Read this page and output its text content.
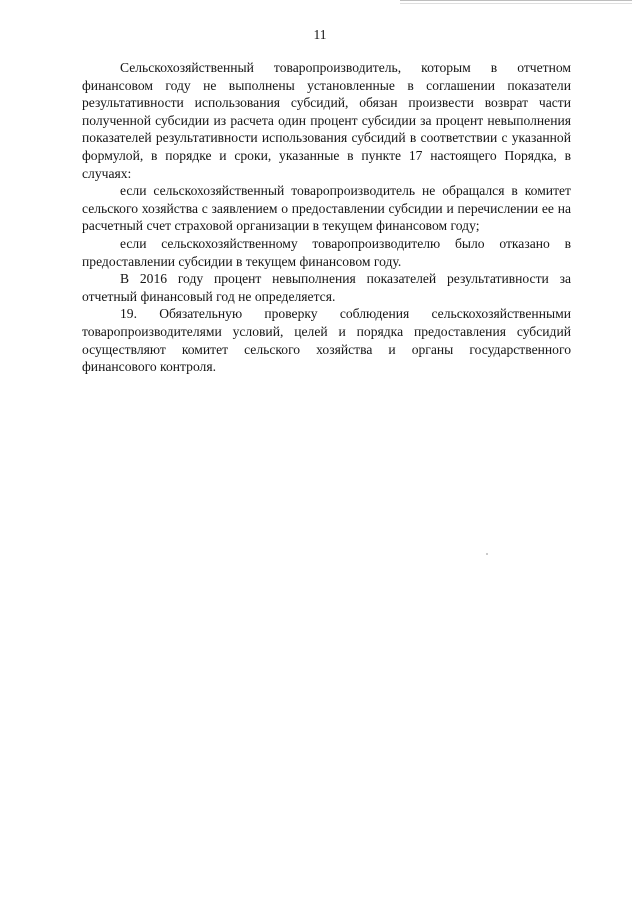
11

Сельскохозяйственный товаропроизводитель, которым в отчетном финансовом году не выполнены установленные в соглашении показатели результативности использования субсидий, обязан произвести возврат части полученной субсидии из расчета один процент субсидии за процент невыполнения показателей результативности использования субсидий в соответствии с указанной формулой, в порядке и сроки, указанные в пункте 17 настоящего Порядка, в случаях:

если сельскохозяйственный товаропроизводитель не обращался в комитет сельского хозяйства с заявлением о предоставлении субсидии и перечислении ее на расчетный счет страховой организации в текущем финансовом году;

если сельскохозяйственному товаропроизводителю было отказано в предоставлении субсидии в текущем финансовом году.

В 2016 году процент невыполнения показателей результативности за отчетный финансовый год не определяется.

19. Обязательную проверку соблюдения сельскохозяйственными товаропроизводителями условий, целей и порядка предоставления субсидий осуществляют комитет сельского хозяйства и органы государственного финансового контроля.
